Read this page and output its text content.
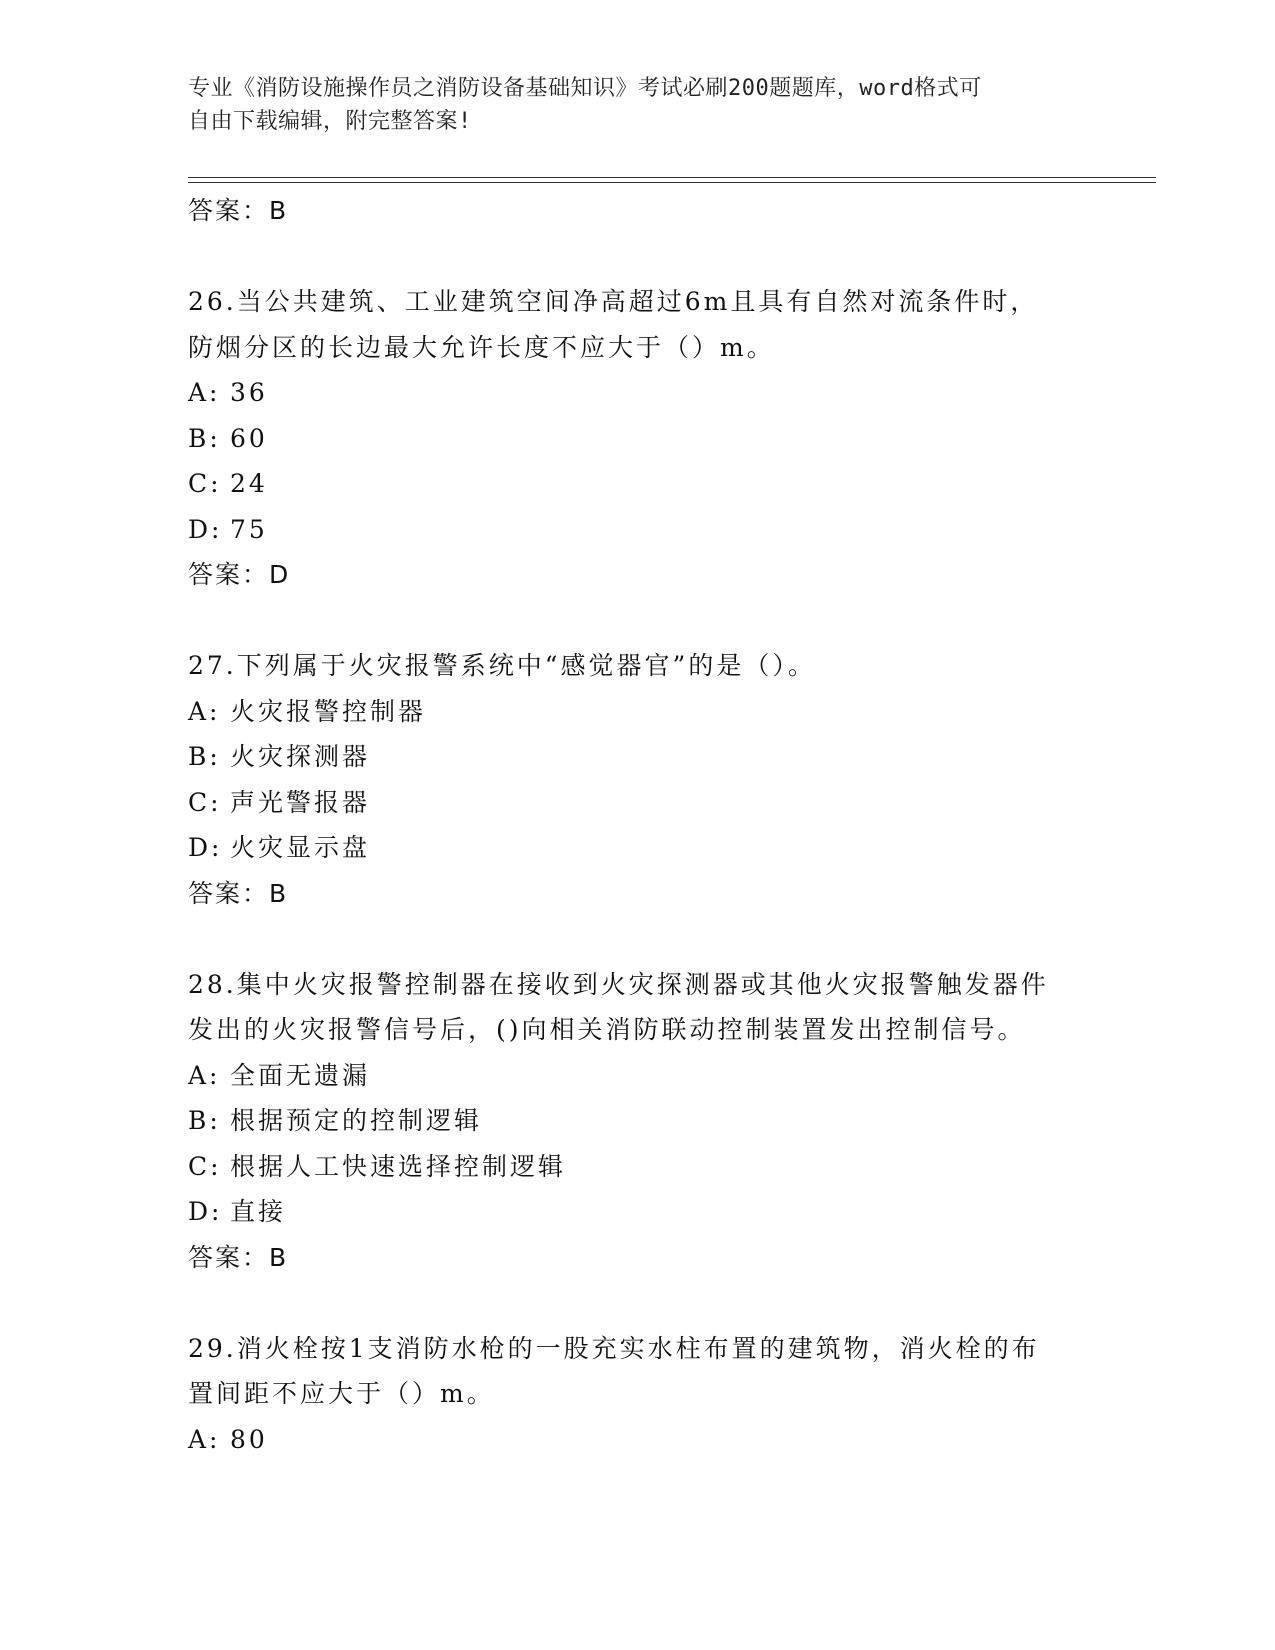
专业《消防设施操作员之消防设备基础知识》考试必刷200题题库，word格式可
自由下载编辑，附完整答案!
答案：B
26.当公共建筑、工业建筑空间净高超过6m且具有自然对流条件时，
防烟分区的长边最大允许长度不应大于（）m。
A: 36
B: 60
C: 24
D: 75
答案：D
27.下列属于火灾报警系统中“感觉器官”的是（）。
A: 火灾报警控制器
B: 火灾探测器
C: 声光警报器
D: 火灾显示盘
答案：B
28.集中火灾报警控制器在接收到火灾探测器或其他火灾报警触发器件
发出的火灾报警信号后，()向相关消防联动控制装置发出控制信号。
A: 全面无遗漏
B: 根据预定的控制逻辑
C: 根据人工快速选择控制逻辑
D: 直接
答案：B
29.消火栓按1支消防水枪的一股充实水柱布置的建筑物，消火栓的布
置间距不应大于（）m。
A: 80
